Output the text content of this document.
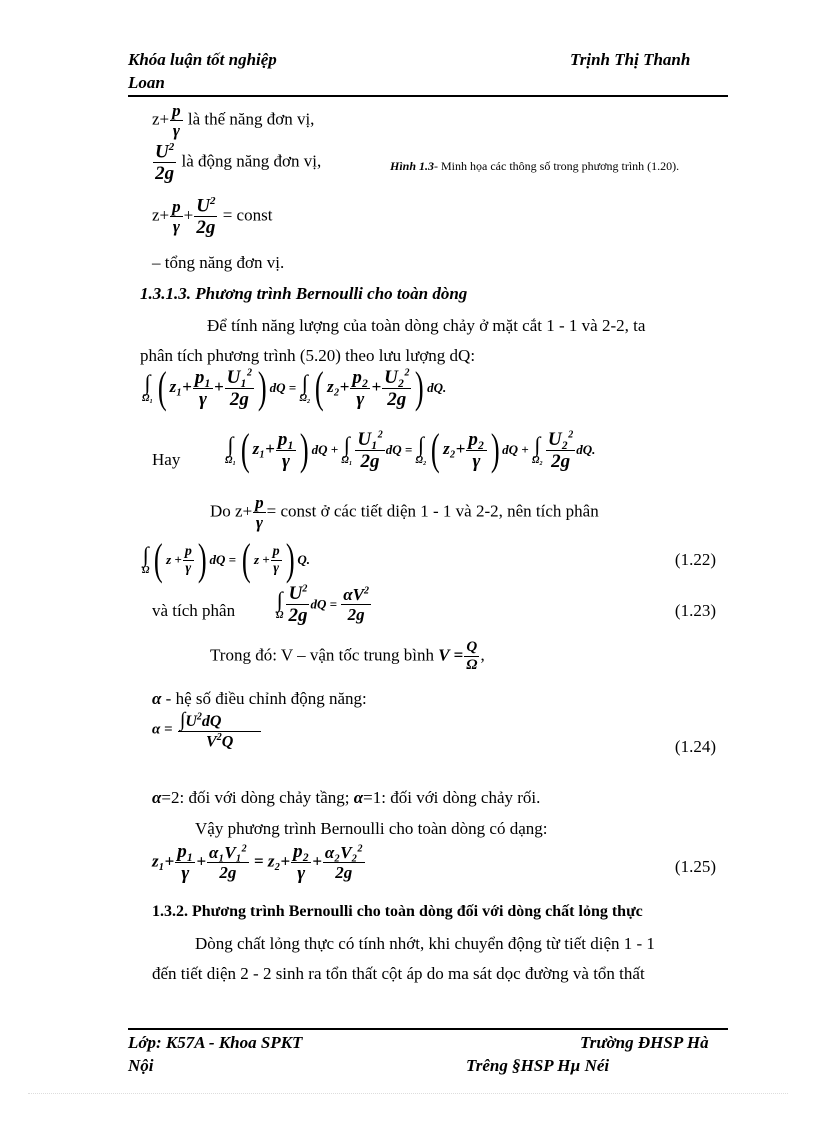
Khóa luận tốt nghiệp	Trịnh Thị Thanh
Loan
$z+ \frac{p}{\gamma}$ là thế năng đơn vị,
$\frac{U^2}{2g}$ là động năng đơn vị,	Hình 1.3- Minh họa các thông số trong phương trình (1.20).
$z+ \frac{p}{\gamma} + \frac{U^2}{2g}$ = const
– tổng năng đơn vị.
1.3.1.3. Phương trình Bernoulli cho toàn dòng
Để tính năng lượng của toàn dòng chảy ở mặt cắt 1 - 1 và 2-2, ta
phân tích phương trình (5.20) theo lưu lượng dQ:
∫
Ω₁ ( $z_1+ \frac{\text{p₁}}{\gamma} + \frac{U_1^2}{2g}$ ) dQ = ∫
Ω₂ ( $z_2+ \frac{\text{p₂}}{\gamma} + \frac{U_2^2}{2g}$ ) dQ.
Hay
∫
Ω₁ ( $z_1+ \frac{\text{p₁}}{\gamma}$ ) dQ + ∫
$\Omega_1 \frac{U_1^2}{2g}$ dQ = ∫
Ω₂ ( $z_2+ \frac{\text{p₂}}{\gamma}$ ) dQ + ∫
$\Omega_2 \frac{U_2^2}{2g}$ dQ.
Do $z+ \frac{p}{\gamma}$ = const ở các tiết diện 1 - 1 và 2-2, nên tích phân
∫
Ω ( $z + \frac{p}{\gamma}$ ) dQ = ( $z + \frac{p}{\gamma}$ ) Q.	(1.22)
và tích phân ∫
Ω $\frac{U^2}{2g}$ dQ = $\frac{\alpha V^2}{2g}$	(1.23)
Trong đó: V – vận tốc trung bình $V = \frac{Q}{\Omega}$ ,
α - hệ số điều chỉnh động năng:
$\alpha = \frac{\int U^2dQ}{V^2Q}$	(1.24)
α=2: đối với dòng chảy tầng; α=1: đối với dòng chảy rối.
Vậy phương trình Bernoulli cho toàn dòng có dạng:
$z_1+ \frac{\text{p₁}}{\gamma} + \frac{\alpha_1V_1^2}{2g} = z_2+ \frac{\text{p₂}}{\gamma} + \frac{\alpha_2V_2^2}{2g}$	(1.25)
1.3.2. Phương trình Bernoulli cho toàn dòng đối với dòng chất lỏng thực
Dòng chất lỏng thực có tính nhớt, khi chuyển động từ tiết diện 1 - 1
đến tiết diện 2 - 2 sinh ra tổn thất cột áp do ma sát dọc đường và tổn thất
Lớp: K57A - Khoa SPKT	Trường ĐHSP Hà
Nội	Trêng §HSP Hµ Néi
